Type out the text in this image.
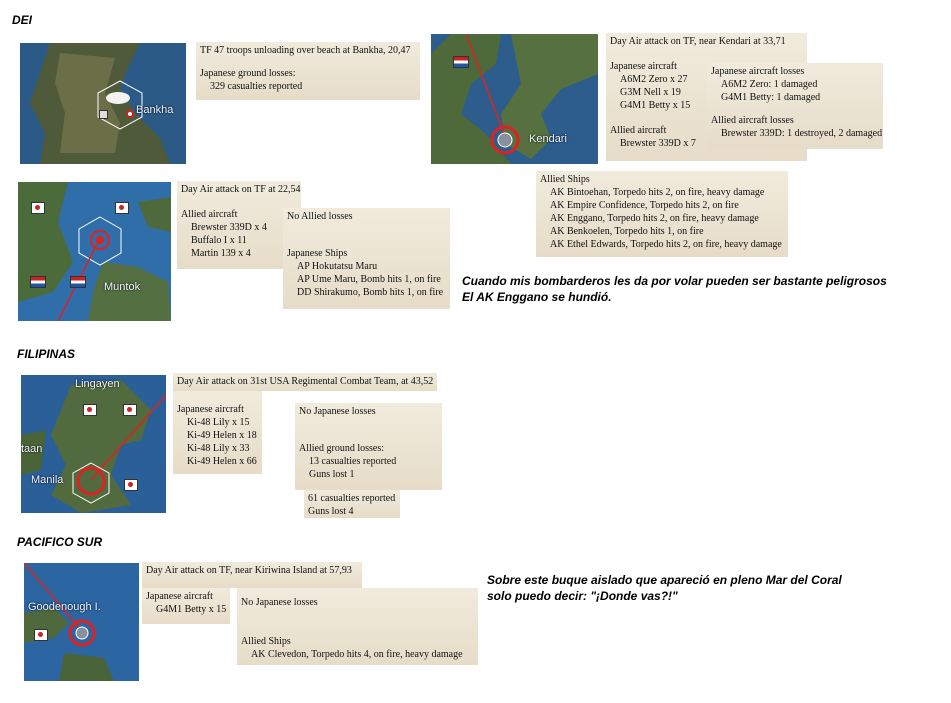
DEI
FILIPINAS
PACIFICO SUR
Bankha
TF 47 troops unloading over beach at Bankha, 20,47
Japanese ground losses:
329 casualties reported
Kendari
Day Air attack on TF, near Kendari at 33,71
Japanese aircraft
A6M2 Zero x 27
G3M Nell x 19
G4M1 Betty x 15
Allied aircraft
Brewster 339D x 7
Japanese aircraft losses
A6M2 Zero: 1 damaged
G4M1 Betty: 1 damaged
Allied aircraft losses
Brewster 339D: 1 destroyed, 2 damaged
Allied Ships
AK Bintoehan, Torpedo hits 2, on fire, heavy damage
AK Empire Confidence, Torpedo hits 2, on fire
AK Enggano, Torpedo hits 2, on fire, heavy damage
AK Benkoelen, Torpedo hits 1, on fire
AK Ethel Edwards, Torpedo hits 2, on fire, heavy damage
Muntok
Day Air attack on TF at 22,54
Allied aircraft
Brewster 339D x 4
Buffalo I x 11
Martin 139 x 4
No Allied losses
Japanese Ships
AP Hokutatsu Maru
AP Ume Maru, Bomb hits 1, on fire
DD Shirakumo, Bomb hits 1, on fire
Cuando mis bombarderos les da por volar pueden ser bastante peligrosos
El AK Enggano se hundió.
Lingayen
taan
Manila
Day Air attack on 31st USA Regimental Combat Team, at 43,52
Japanese aircraft
Ki-48 Lily x 15
Ki-49 Helen x 18
Ki-48 Lily x 33
Ki-49 Helen x 66
No Japanese losses
Allied ground losses:
13 casualties reported
Guns lost 1
61 casualties reported
Guns lost 4
Goodenough I.
Day Air attack on TF, near Kiriwina Island at 57,93
Japanese aircraft
G4M1 Betty x 15
No Japanese losses
Allied Ships
AK Clevedon, Torpedo hits 4, on fire, heavy damage
Sobre este buque aislado que apareció en pleno Mar del Coral
solo puedo decir: "¡Donde vas?!"
